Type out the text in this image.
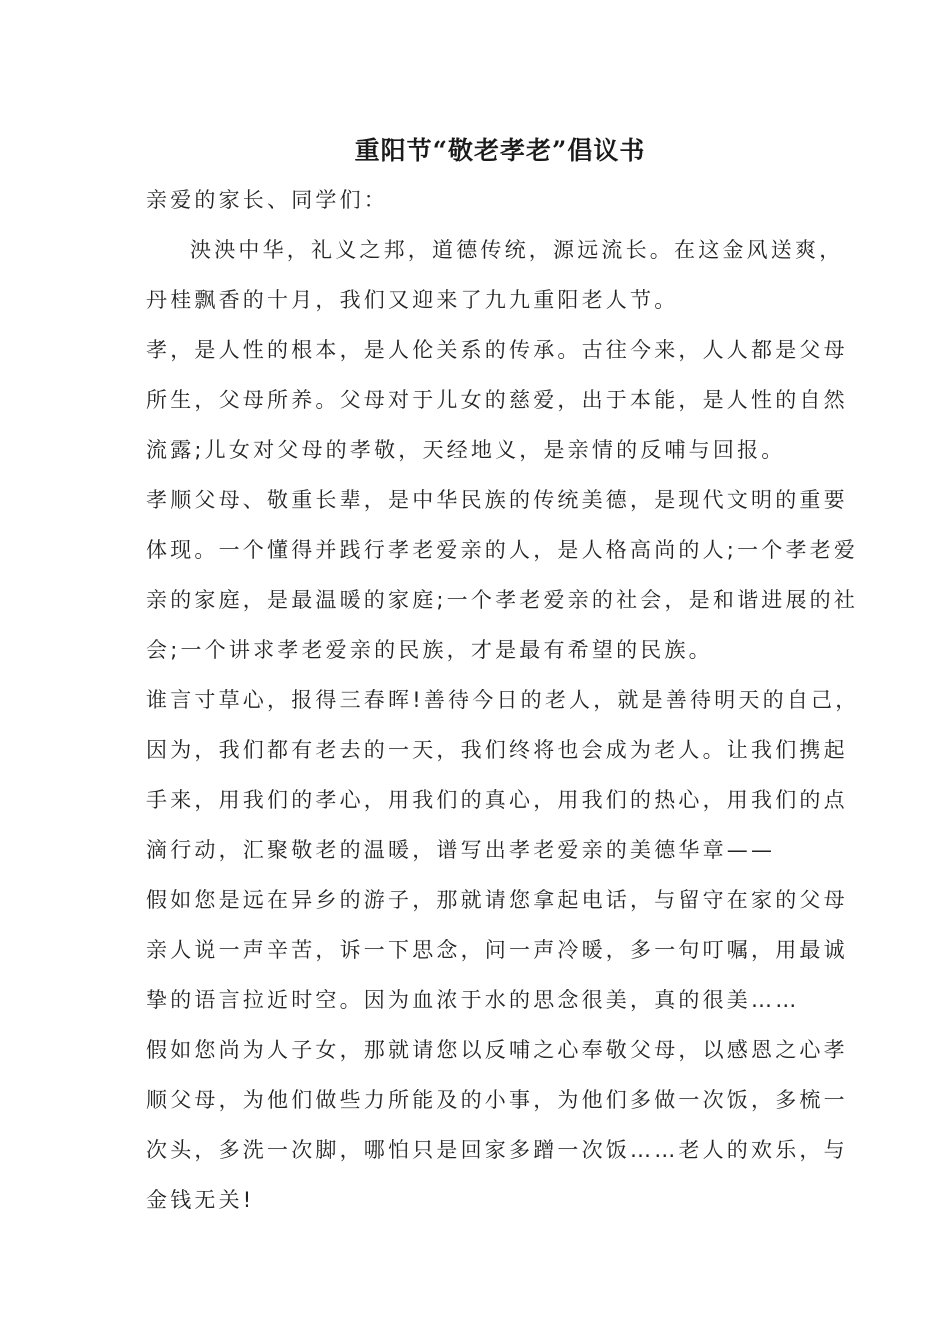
重阳节“敬老孝老”倡议书
亲爱的家长、同学们：
泱泱中华，礼义之邦，道德传统，源远流长。在这金风送爽，
丹桂飘香的十月，我们又迎来了九九重阳老人节。
孝，是人性的根本，是人伦关系的传承。古往今来，人人都是父母
所生，父母所养。父母对于儿女的慈爱，出于本能，是人性的自然
流露;儿女对父母的孝敬，天经地义，是亲情的反哺与回报。
孝顺父母、敬重长辈，是中华民族的传统美德，是现代文明的重要
体现。一个懂得并践行孝老爱亲的人，是人格高尚的人;一个孝老爱
亲的家庭，是最温暖的家庭;一个孝老爱亲的社会，是和谐进展的社
会;一个讲求孝老爱亲的民族，才是最有希望的民族。
谁言寸草心，报得三春晖!善待今日的老人，就是善待明天的自己，
因为，我们都有老去的一天，我们终将也会成为老人。让我们携起
手来，用我们的孝心，用我们的真心，用我们的热心，用我们的点
滴行动，汇聚敬老的温暖，谱写出孝老爱亲的美德华章——
假如您是远在异乡的游子，那就请您拿起电话，与留守在家的父母
亲人说一声辛苦，诉一下思念，问一声冷暖，多一句叮嘱，用最诚
挚的语言拉近时空。因为血浓于水的思念很美，真的很美……
假如您尚为人子女，那就请您以反哺之心奉敬父母，以感恩之心孝
顺父母，为他们做些力所能及的小事，为他们多做一次饭，多梳一
次头，多洗一次脚，哪怕只是回家多蹭一次饭……老人的欢乐，与
金钱无关!
